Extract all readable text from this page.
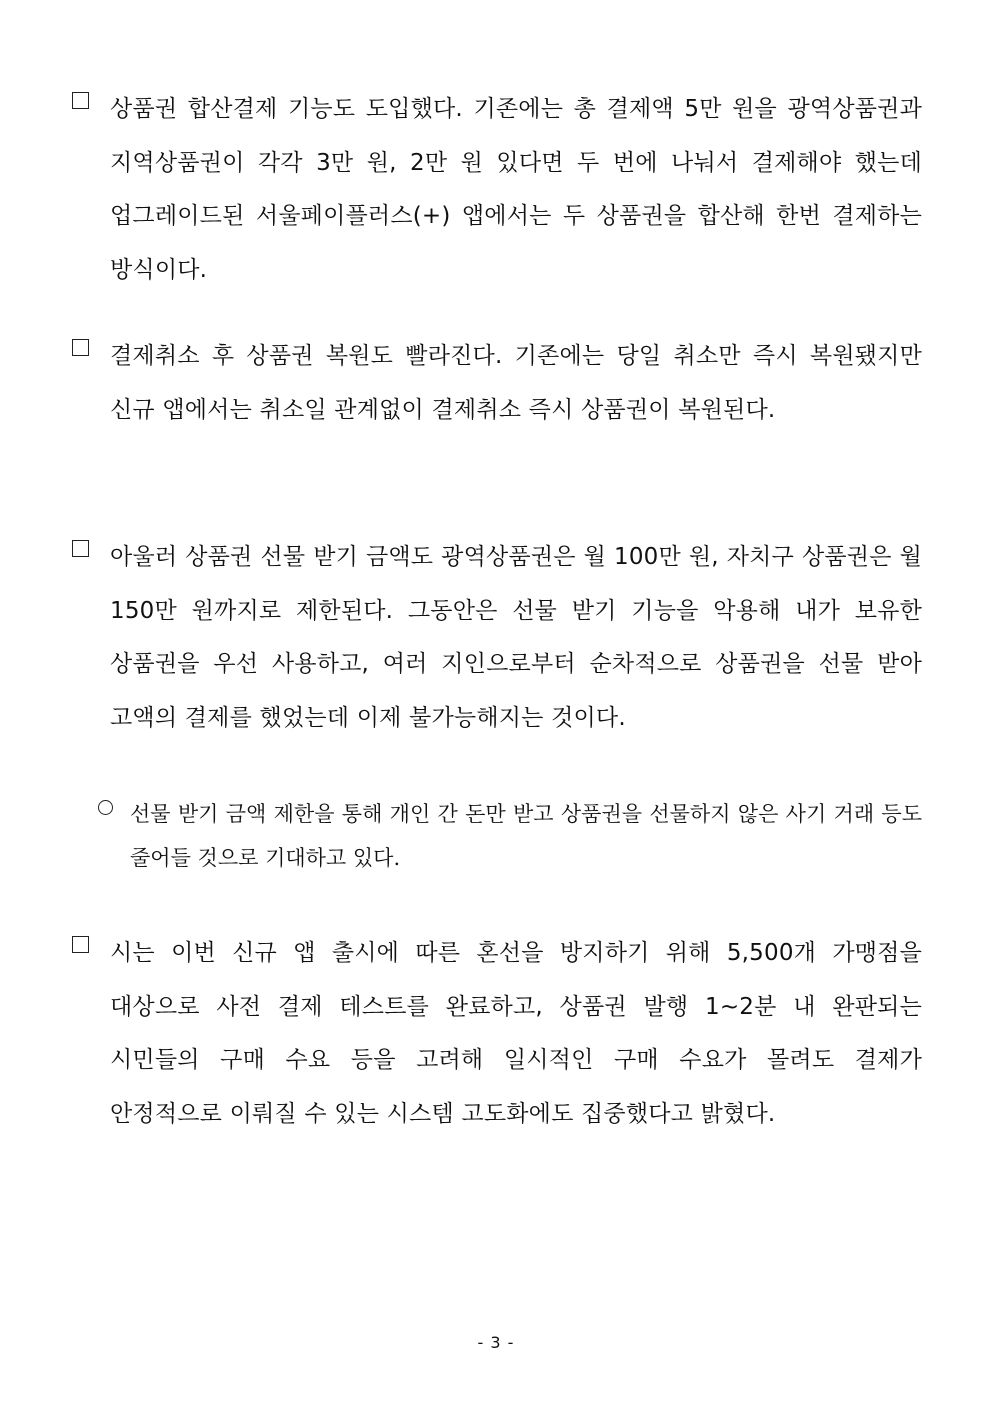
상품권 합산결제 기능도 도입했다. 기존에는 총 결제액 5만 원을 광역상품권과 지역상품권이 각각 3만 원, 2만 원 있다면 두 번에 나눠서 결제해야 했는데 업그레이드된 서울페이플러스(+) 앱에서는 두 상품권을 합산해 한번 결제하는 방식이다.
결제취소 후 상품권 복원도 빨라진다. 기존에는 당일 취소만 즉시 복원됐지만 신규 앱에서는 취소일 관계없이 결제취소 즉시 상품권이 복원된다.
아울러 상품권 선물 받기 금액도 광역상품권은 월 100만 원, 자치구 상품권은 월 150만 원까지로 제한된다. 그동안은 선물 받기 기능을 악용해 내가 보유한 상품권을 우선 사용하고, 여러 지인으로부터 순차적으로 상품권을 선물 받아 고액의 결제를 했었는데 이제 불가능해지는 것이다.
선물 받기 금액 제한을 통해 개인 간 돈만 받고 상품권을 선물하지 않은 사기 거래 등도 줄어들 것으로 기대하고 있다.
시는 이번 신규 앱 출시에 따른 혼선을 방지하기 위해 5,500개 가맹점을 대상으로 사전 결제 테스트를 완료하고, 상품권 발행 1~2분 내 완판되는 시민들의 구매 수요 등을 고려해 일시적인 구매 수요가 몰려도 결제가 안정적으로 이뤄질 수 있는 시스템 고도화에도 집중했다고 밝혔다.
- 3 -
